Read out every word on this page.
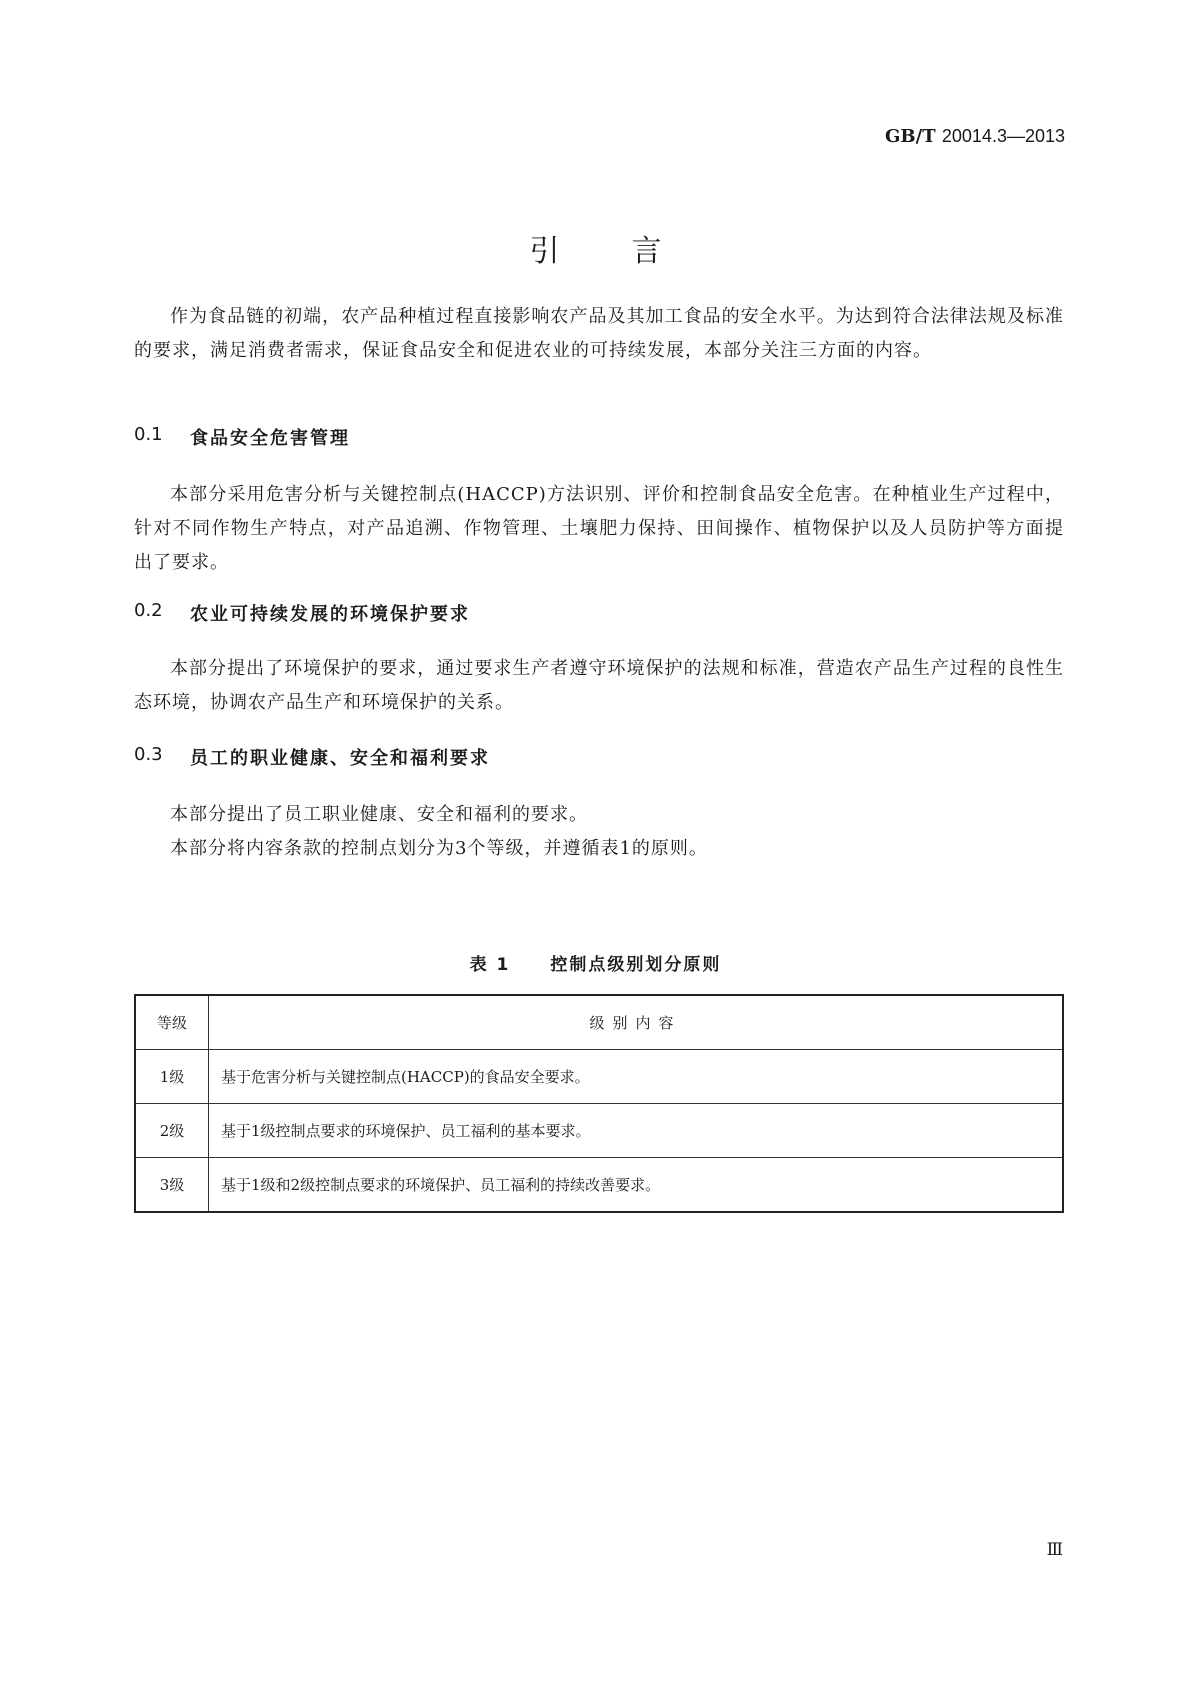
GB/T 20014.3—2013
引 言

作为食品链的初端，农产品种植过程直接影响农产品及其加工食品的安全水平。为达到符合法律法规及标准的要求，满足消费者需求，保证食品安全和促进农业的可持续发展，本部分关注三方面的内容。

0.1	食品安全危害管理

本部分采用危害分析与关键控制点(HACCP)方法识别、评价和控制食品安全危害。在种植业生产过程中，针对不同作物生产特点，对产品追溯、作物管理、土壤肥力保持、田间操作、植物保护以及人员防护等方面提出了要求。

0.2	农业可持续发展的环境保护要求

本部分提出了环境保护的要求，通过要求生产者遵守环境保护的法规和标准，营造农产品生产过程的良性生态环境，协调农产品生产和环境保护的关系。

0.3	员工的职业健康、安全和福利要求

本部分提出了员工职业健康、安全和福利的要求。

本部分将内容条款的控制点划分为3个等级，并遵循表1的原则。

表 1 控制点级别划分原则
等级	级别内容
1级	基于危害分析与关键控制点(HACCP)的食品安全要求。
2级	基于1级控制点要求的环境保护、员工福利的基本要求。
3级	基于1级和2级控制点要求的环境保护、员工福利的持续改善要求。
Ⅲ
